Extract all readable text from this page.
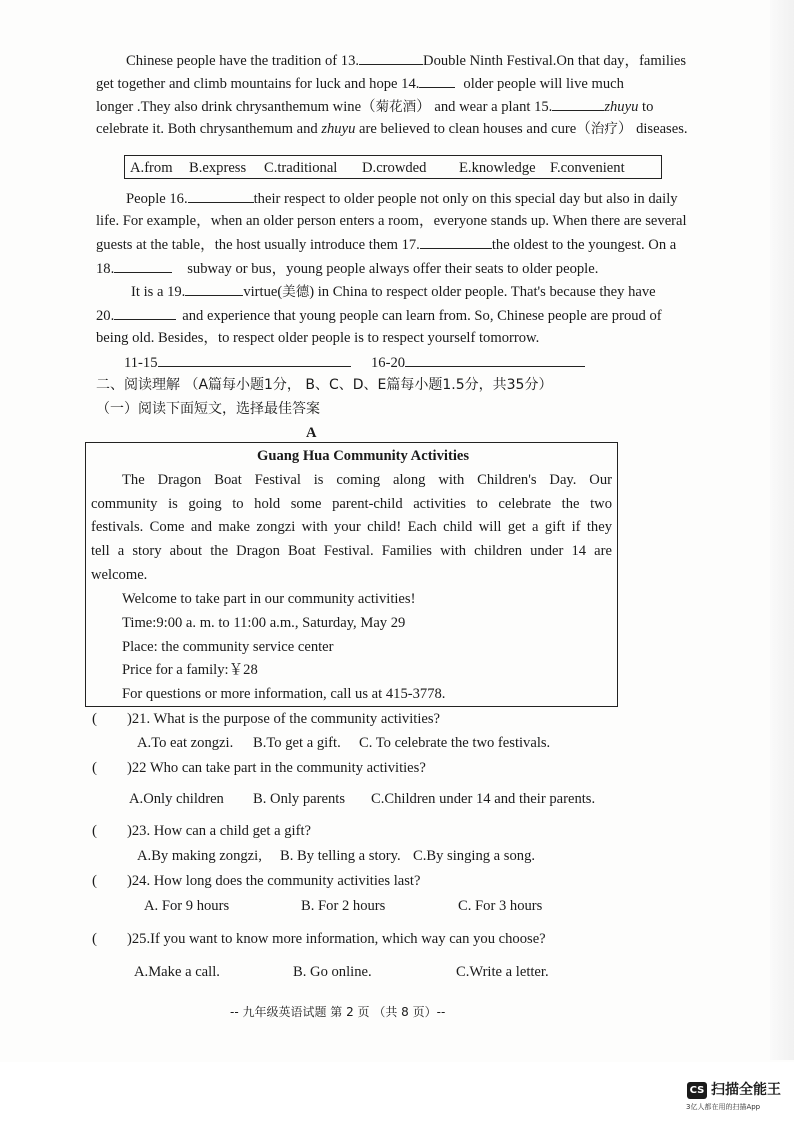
Chinese people have the tradition of 13.	Double Ninth Festival.On that day，families
get together and climb mountains for luck and hope 14.	older people will live much
longer .They also drink chrysanthemum wine（菊花酒） and wear a plant 15.	zhuyu to
celebrate it. Both chrysanthemum and zhuyu are believed to clean houses and cure（治疗） diseases.
A.from B.express C.traditional D.crowded E.knowledge F.convenient
People 16.	their respect to older people not only on this special day but also in daily
life. For example，when an older person enters a room，everyone stands up. When there are several
guests at the table，the host usually introduce them 17.	the oldest to the youngest. On a
18.	subway or bus，young people always offer their seats to older people.
It is a 19.	virtue(美德) in China to respect older people. That's because they have
20.	and experience that young people can learn from. So, Chinese people are proud of
being old. Besides，to respect older people is to respect yourself tomorrow.
11-15	16-20
二、阅读理解 （A篇每小题1分， B、C、D、E篇每小题1.5分，共35分）
（一）阅读下面短文，选择最佳答案
A
Guang Hua Community Activities
The Dragon Boat Festival is coming along with Children's Day. Our
community is going to hold some parent-child activities to celebrate the two
festivals. Come and make zongzi with your child! Each child will get a gift if they
tell a story about the Dragon Boat Festival. Families with children under 14 are
welcome.
Welcome to take part in our community activities!
Time:9:00 a. m. to 11:00 a.m., Saturday, May 29
Place: the community service center
Price for a family:￥28
For questions or more information, call us at 415-3778.
( )21. What is the purpose of the community activities?
A.To eat zongzi. B.To get a gift. C. To celebrate the two festivals.
( )22 Who can take part in the community activities?
A.Only children B. Only parents C.Children under 14 and their parents.
( )23. How can a child get a gift?
A.By making zongzi, B. By telling a story. C.By singing a song.
( )24. How long does the community activities last?
A. For 9 hours	B. For 2 hours	C. For 3 hours
( )25.If you want to know more information, which way can you choose?
A.Make a call.	B. Go online.	C.Write a letter.
-- 九年级英语试题 第 2 页 （共 8 页）--
CS 扫描全能王
3亿人都在用的扫描App
